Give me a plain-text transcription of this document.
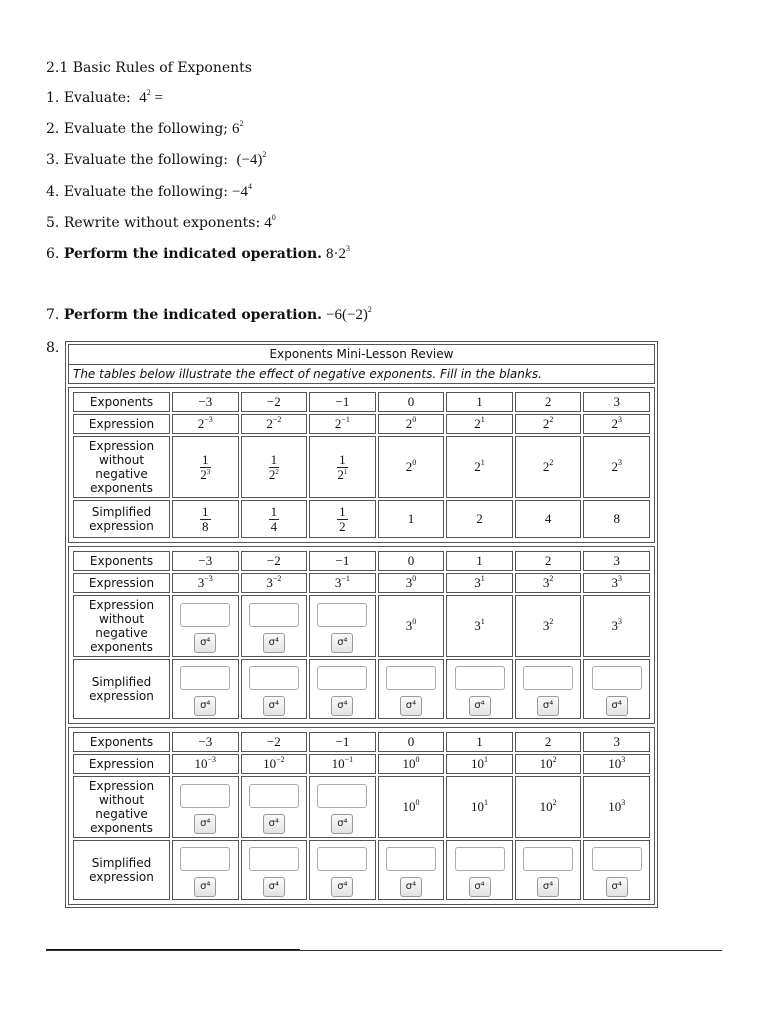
2.1 Basic Rules of Exponents
1. Evaluate: $4^2$ =
2. Evaluate the following; $6^2$
3. Evaluate the following: $(-4)^2$
4. Evaluate the following: $-4^4$
5. Rewrite without exponents: $4^0$
6. Perform the indicated operation. $8\cdot 2^3$
7. Perform the indicated operation. $-6(-2)^2$
8.	Exponents Mini-Lesson Review
The tables below illustrate the effect of negative exponents. Fill in the blanks.
Exponents	−3	−2	−1	0	1	2	3
Expression	$2^{-3}$	$2^{-2}$	$2^{-1}$	$2^0$	$2^1$	$2^2$	$2^3$
Expression without negative exponents	$\frac{1}{2^3}$	$\frac{1}{2^2}$	$\frac{1}{2^1}$	$2^0$	$2^1$	$2^2$	$2^3$
Simplified expression	$\frac{1}{8}$	$\frac{1}{4}$	$\frac{1}{2}$	1	2	4	8
Exponents	−3	−2	−1	0	1	2	3
Expression	$3^{-3}$	$3^{-2}$	$3^{-1}$	$3^0$	$3^1$	$3^2$	$3^3$
Expression without negative exponents	σ⁴	σ⁴	σ⁴	$3^0$	$3^1$	$3^2$	$3^3$
Simplified expression	σ⁴	σ⁴	σ⁴	σ⁴	σ⁴	σ⁴	σ⁴
Exponents	−3	−2	−1	0	1	2	3
Expression	$10^{-3}$	$10^{-2}$	$10^{-1}$	$10^0$	$10^1$	$10^2$	$10^3$
Expression without negative exponents	σ⁴	σ⁴	σ⁴	$10^0$	$10^1$	$10^2$	$10^3$
Simplified expression	σ⁴	σ⁴	σ⁴	σ⁴	σ⁴	σ⁴	σ⁴
